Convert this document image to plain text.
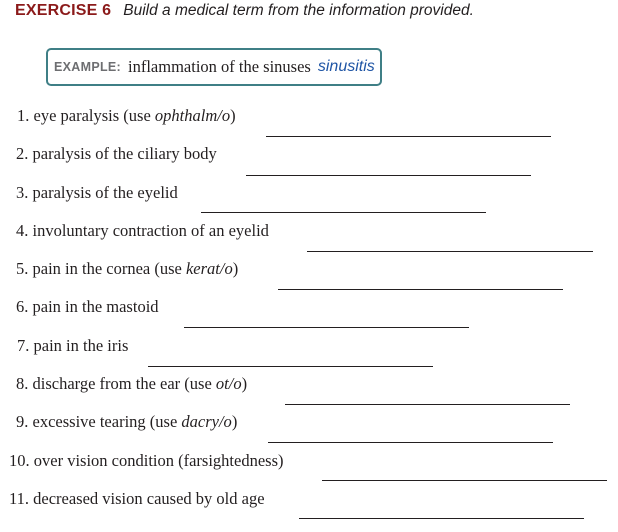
EXERCISE 6 Build a medical term from the information provided.
EXAMPLE: inflammation of the sinuses sinusitis
1. eye paralysis (use ophthalm/o)
2. paralysis of the ciliary body
3. paralysis of the eyelid
4. involuntary contraction of an eyelid
5. pain in the cornea (use kerat/o)
6. pain in the mastoid
7. pain in the iris
8. discharge from the ear (use ot/o)
9. excessive tearing (use dacry/o)
10. over vision condition (farsightedness)
11. decreased vision caused by old age
